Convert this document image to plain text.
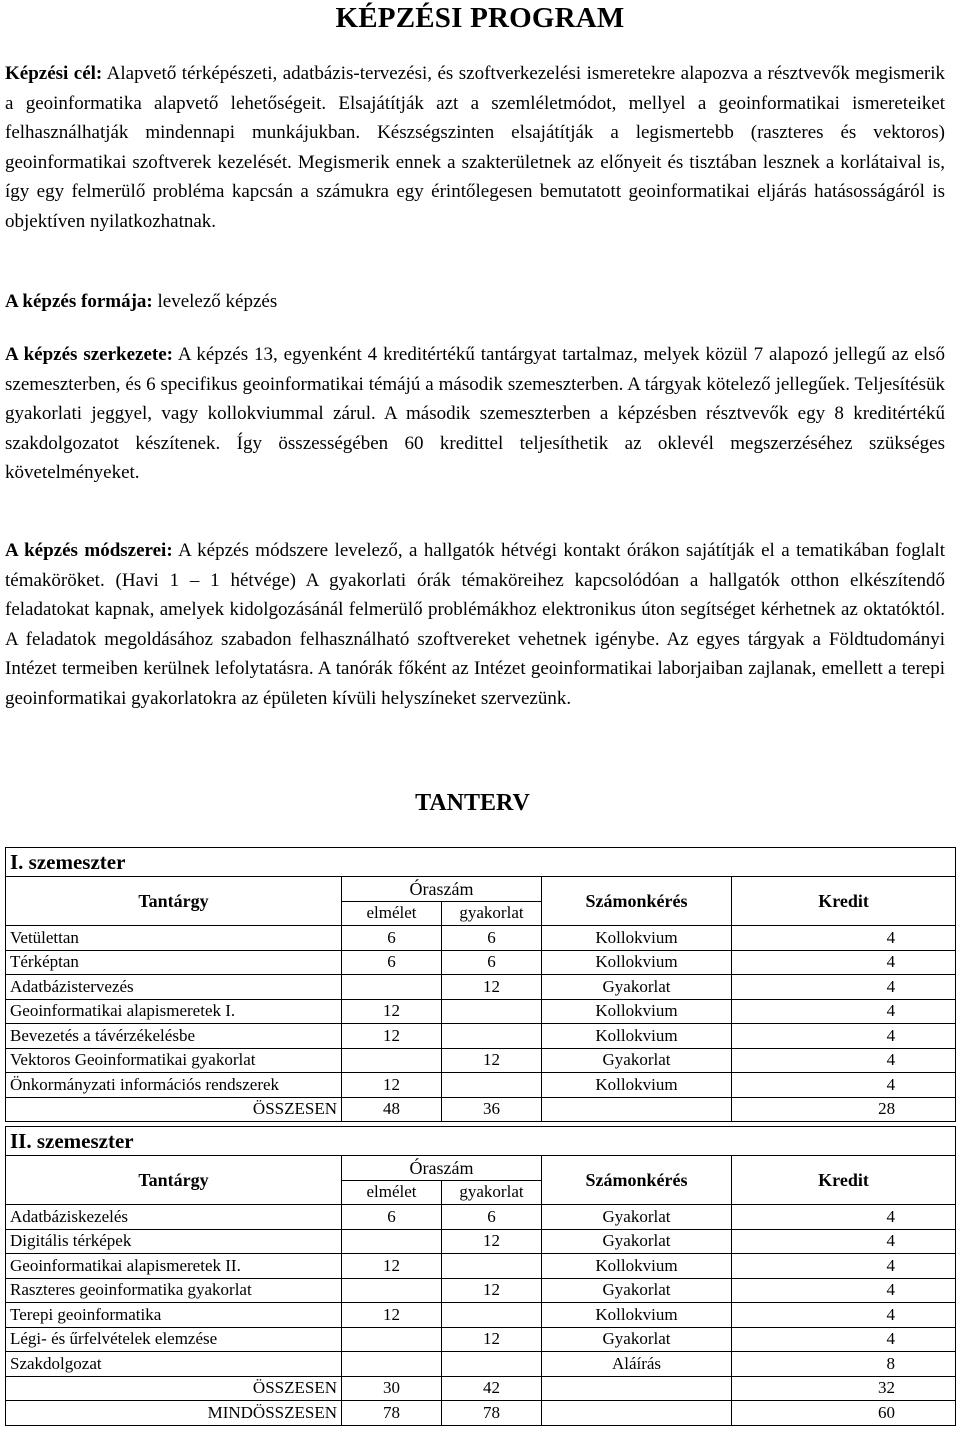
KÉPZÉSI PROGRAM
Képzési cél: Alapvető térképészeti, adatbázis-tervezési, és szoftverkezelési ismeretekre alapozva a résztvevők megismerik a geoinformatika alapvető lehetőségeit. Elsajátítják azt a szemléletmódot, mellyel a geoinformatikai ismereteiket felhasználhatják mindennapi munkájukban. Készségszinten elsajátítják a legismertebb (raszteres és vektoros) geoinformatikai szoftverek kezelését. Megismerik ennek a szakterületnek az előnyeit és tisztában lesznek a korlátaival is, így egy felmerülő probléma kapcsán a számukra egy érintőlegesen bemutatott geoinformatikai eljárás hatásosságáról is objektíven nyilatkozhatnak.
A képzés formája: levelező képzés
A képzés szerkezete: A képzés 13, egyenként 4 kreditértékű tantárgyat tartalmaz, melyek közül 7 alapozó jellegű az első szemeszterben, és 6 specifikus geoinformatikai témájú a második szemeszterben. A tárgyak kötelező jellegűek. Teljesítésük gyakorlati jeggyel, vagy kollokviummal zárul. A második szemeszterben a képzésben résztvevők egy 8 kreditértékű szakdolgozatot készítenek. Így összességében 60 kredittel teljesíthetik az oklevél megszerzéséhez szükséges követelményeket.
A képzés módszerei: A képzés módszere levelező, a hallgatók hétvégi kontakt órákon sajátítják el a tematikában foglalt témaköröket. (Havi 1 – 1 hétvége) A gyakorlati órák témaköreihez kapcsolódóan a hallgatók otthon elkészítendő feladatokat kapnak, amelyek kidolgozásánál felmerülő problémákhoz elektronikus úton segítséget kérhetnek az oktatóktól. A feladatok megoldásához szabadon felhasználható szoftvereket vehetnek igénybe. Az egyes tárgyak a Földtudományi Intézet termeiben kerülnek lefolytatásra. A tanórák főként az Intézet geoinformatikai laborjaiban zajlanak, emellett a terepi geoinformatikai gyakorlatokra az épületen kívüli helyszíneket szervezünk.
TANTERV
I. szemeszter				
Tantárgy	Óraszám		Számonkérés	Kredit
	elmélet	gyakorlat		
Vetülettan	6	6	Kollokvium	4
Térképtan	6	6	Kollokvium	4
Adatbázistervezés		12	Gyakorlat	4
Geoinformatikai alapismeretek I.	12		Kollokvium	4
Bevezetés a távérzékelésbe	12		Kollokvium	4
Vektoros Geoinformatikai gyakorlat		12	Gyakorlat	4
Önkormányzati információs rendszerek	12		Kollokvium	4
ÖSSZESEN	48	36		28
II. szemeszter				
Tantárgy	Óraszám		Számonkérés	Kredit
	elmélet	gyakorlat		
Adatbáziskezelés	6	6	Gyakorlat	4
Digitális térképek		12	Gyakorlat	4
Geoinformatikai alapismeretek II.	12		Kollokvium	4
Raszteres geoinformatika gyakorlat		12	Gyakorlat	4
Terepi geoinformatika	12		Kollokvium	4
Légi- és űrfelvételek elemzése		12	Gyakorlat	4
Szakdolgozat			Aláírás	8
ÖSSZESEN	30	42		32
MINDÖSSZESEN	78	78		60
